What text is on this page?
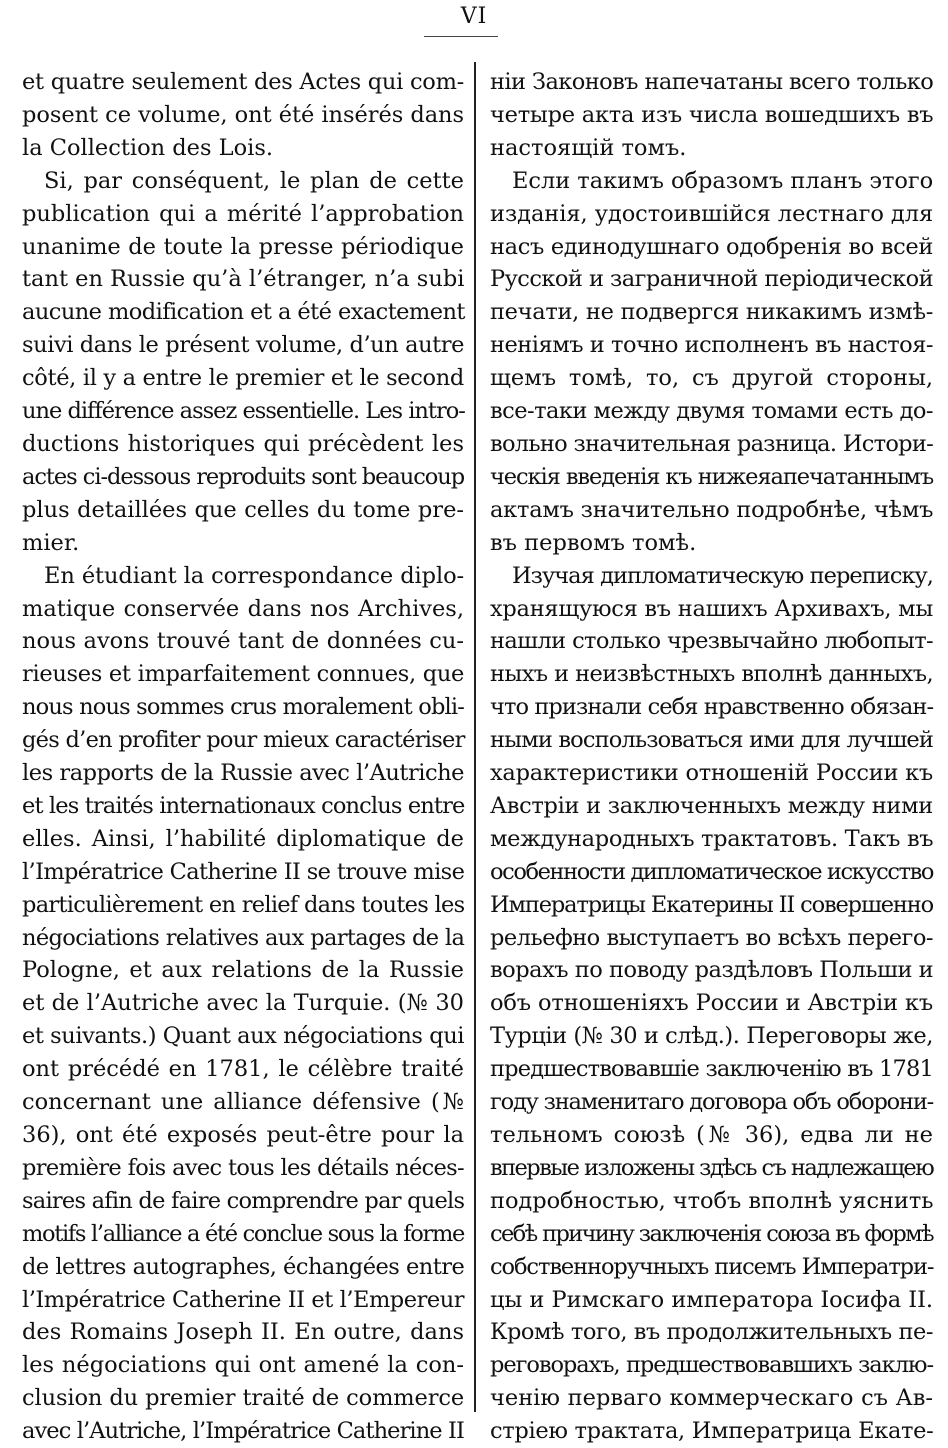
VI
et quatre seulement des Actes qui com-
posent ce volume, ont été insérés dans
la Collection des Lois.
Si, par conséquent, le plan de cette
publication qui a mérité l’approbation
unanime de toute la presse périodique
tant en Russie qu’à l’étranger, n’a subi
aucune modification et a été exactement
suivi dans le présent volume, d’un autre
côté, il y a entre le premier et le second
une différence assez essentielle. Les intro-
ductions historiques qui précèdent les
actes ci-dessous reproduits sont beaucoup
plus detaillées que celles du tome pre-
mier.
En étudiant la correspondance diplo-
matique conservée dans nos Archives,
nous avons trouvé tant de données cu-
rieuses et imparfaitement connues, que
nous nous sommes crus moralement obli-
gés d’en profiter pour mieux caractériser
les rapports de la Russie avec l’Autriche
et les traités internationaux conclus entre
elles. Ainsi, l’habilité diplomatique de
l’Impératrice Catherine II se trouve mise
particulièrement en relief dans toutes les
négociations relatives aux partages de la
Pologne, et aux relations de la Russie
et de l’Autriche avec la Turquie. (№ 30
et suivants.) Quant aux négociations qui
ont précédé en 1781, le célèbre traité
concernant une alliance défensive (№
36), ont été exposés peut-être pour la
première fois avec tous les détails néces-
saires afin de faire comprendre par quels
motifs l’alliance a été conclue sous la forme
de lettres autographes, échangées entre
l’Impératrice Catherine II et l’Empereur
des Romains Joseph II. En outre, dans
les négociations qui ont amené la con-
clusion du premier traité de commerce
avec l’Autriche, l’Impératrice Catherine II
ніи Законовъ напечатаны всего только
четыре акта изъ числа вошедшихъ въ
настоящій томъ.
Если такимъ образомъ планъ этого
изданія, удостоившійся лестнаго для
насъ единодушнаго одобренія во всей
Русской и заграничной періодической
печати, не подвергся никакимъ измѣ-
неніямъ и точно исполненъ въ настоя-
щемъ томѣ, то, съ другой стороны,
все-таки между двумя томами есть до-
вольно значительная разница. Истори-
ческія введенія къ нижеяапечатаннымъ
актамъ значительно подробнѣе, чѣмъ
въ первомъ томѣ.
Изучая дипломатическую переписку,
хранящуюся въ нашихъ Архивахъ, мы
нашли столько чрезвычайно любопыт-
ныхъ и неизвѣстныхъ вполнѣ данныхъ,
что признали себя нравственно обязан-
ными воспользоваться ими для лучшей
характеристики отношеній России къ
Австріи и заключенныхъ между ними
международныхъ трактатовъ. Такъ въ
особенности дипломатическое искусство
Императрицы Екатерины II совершенно
рельефно выступаетъ во всѣхъ перего-
ворахъ по поводу раздѣловъ Польши и
объ отношеніяхъ России и Австріи къ
Турціи (№ 30 и слѣд.). Переговоры же,
предшествовавшіе заключенію въ 1781
году знаменитаго договора объ оборони-
тельномъ союзѣ (№ 36), едва ли не
впервые изложены здѣсь съ надлежащею
подробностью, чтобъ вполнѣ уяснить
себѣ причину заключенія союза въ формѣ
собственноручныхъ писемъ Императри-
цы и Римскаго императора Іосифа II.
Кромѣ того, въ продолжительныхъ пе-
реговорахъ, предшествовавшихъ заклю-
ченію перваго коммерческаго съ Ав-
стріею трактата, Императрица Екате-
